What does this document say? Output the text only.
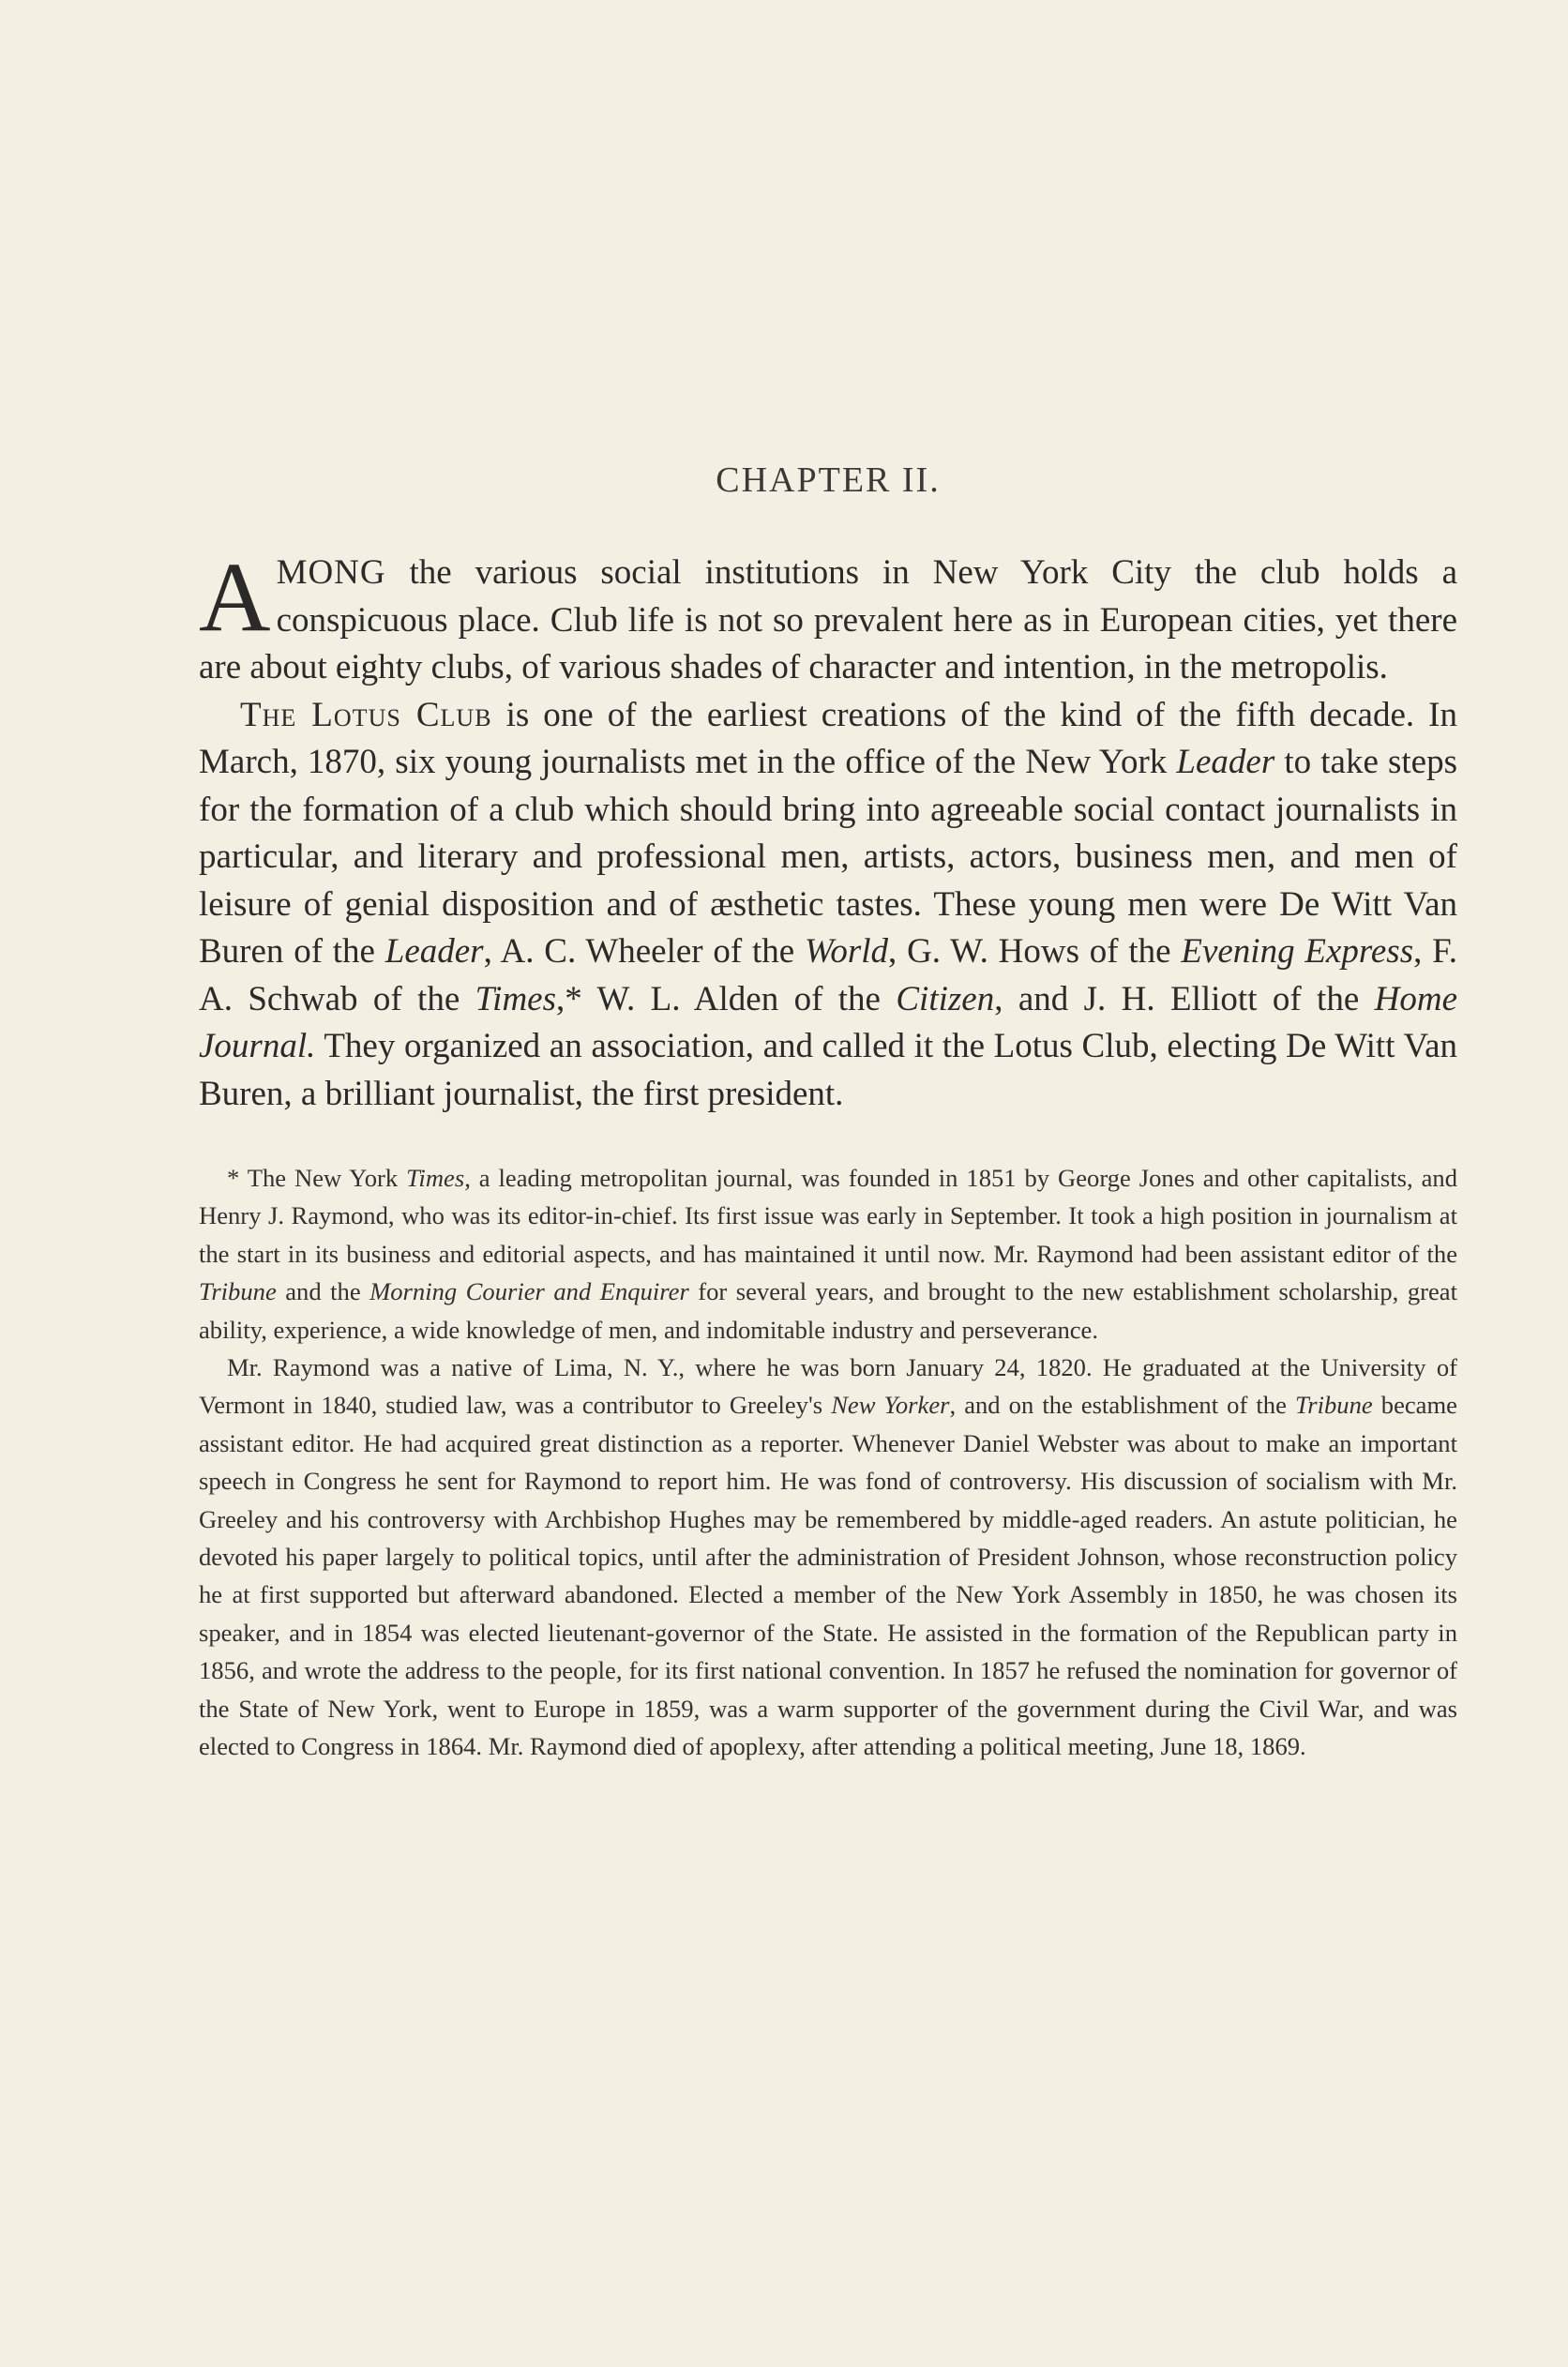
CHAPTER II.

AMONG the various social institutions in New York City the club holds a conspicuous place. Club life is not so prevalent here as in European cities, yet there are about eighty clubs, of various shades of character and intention, in the metropolis.

The Lotus Club is one of the earliest creations of the kind of the fifth decade. In March, 1870, six young journalists met in the office of the New York Leader to take steps for the formation of a club which should bring into agreeable social contact journalists in particular, and literary and professional men, artists, actors, business men, and men of leisure of genial disposition and of æsthetic tastes. These young men were De Witt Van Buren of the Leader, A. C. Wheeler of the World, G. W. Hows of the Evening Express, F. A. Schwab of the Times,* W. L. Alden of the Citizen, and J. H. Elliott of the Home Journal. They organized an association, and called it the Lotus Club, electing De Witt Van Buren, a brilliant journalist, the first president.

* The New York Times, a leading metropolitan journal, was founded in 1851 by George Jones and other capitalists, and Henry J. Raymond, who was its editor-in-chief. Its first issue was early in September. It took a high position in journalism at the start in its business and editorial aspects, and has maintained it until now. Mr. Raymond had been assistant editor of the Tribune and the Morning Courier and Enquirer for several years, and brought to the new establishment scholarship, great ability, experience, a wide knowledge of men, and indomitable industry and perseverance.

Mr. Raymond was a native of Lima, N. Y., where he was born January 24, 1820. He graduated at the University of Vermont in 1840, studied law, was a contributor to Greeley's New Yorker, and on the establishment of the Tribune became assistant editor. He had acquired great distinction as a reporter. Whenever Daniel Webster was about to make an important speech in Congress he sent for Raymond to report him. He was fond of controversy. His discussion of socialism with Mr. Greeley and his controversy with Archbishop Hughes may be remembered by middle-aged readers. An astute politician, he devoted his paper largely to political topics, until after the administration of President Johnson, whose reconstruction policy he at first supported but afterward abandoned. Elected a member of the New York Assembly in 1850, he was chosen its speaker, and in 1854 was elected lieutenant-governor of the State. He assisted in the formation of the Republican party in 1856, and wrote the address to the people, for its first national convention. In 1857 he refused the nomination for governor of the State of New York, went to Europe in 1859, was a warm supporter of the government during the Civil War, and was elected to Congress in 1864. Mr. Raymond died of apoplexy, after attending a political meeting, June 18, 1869.
